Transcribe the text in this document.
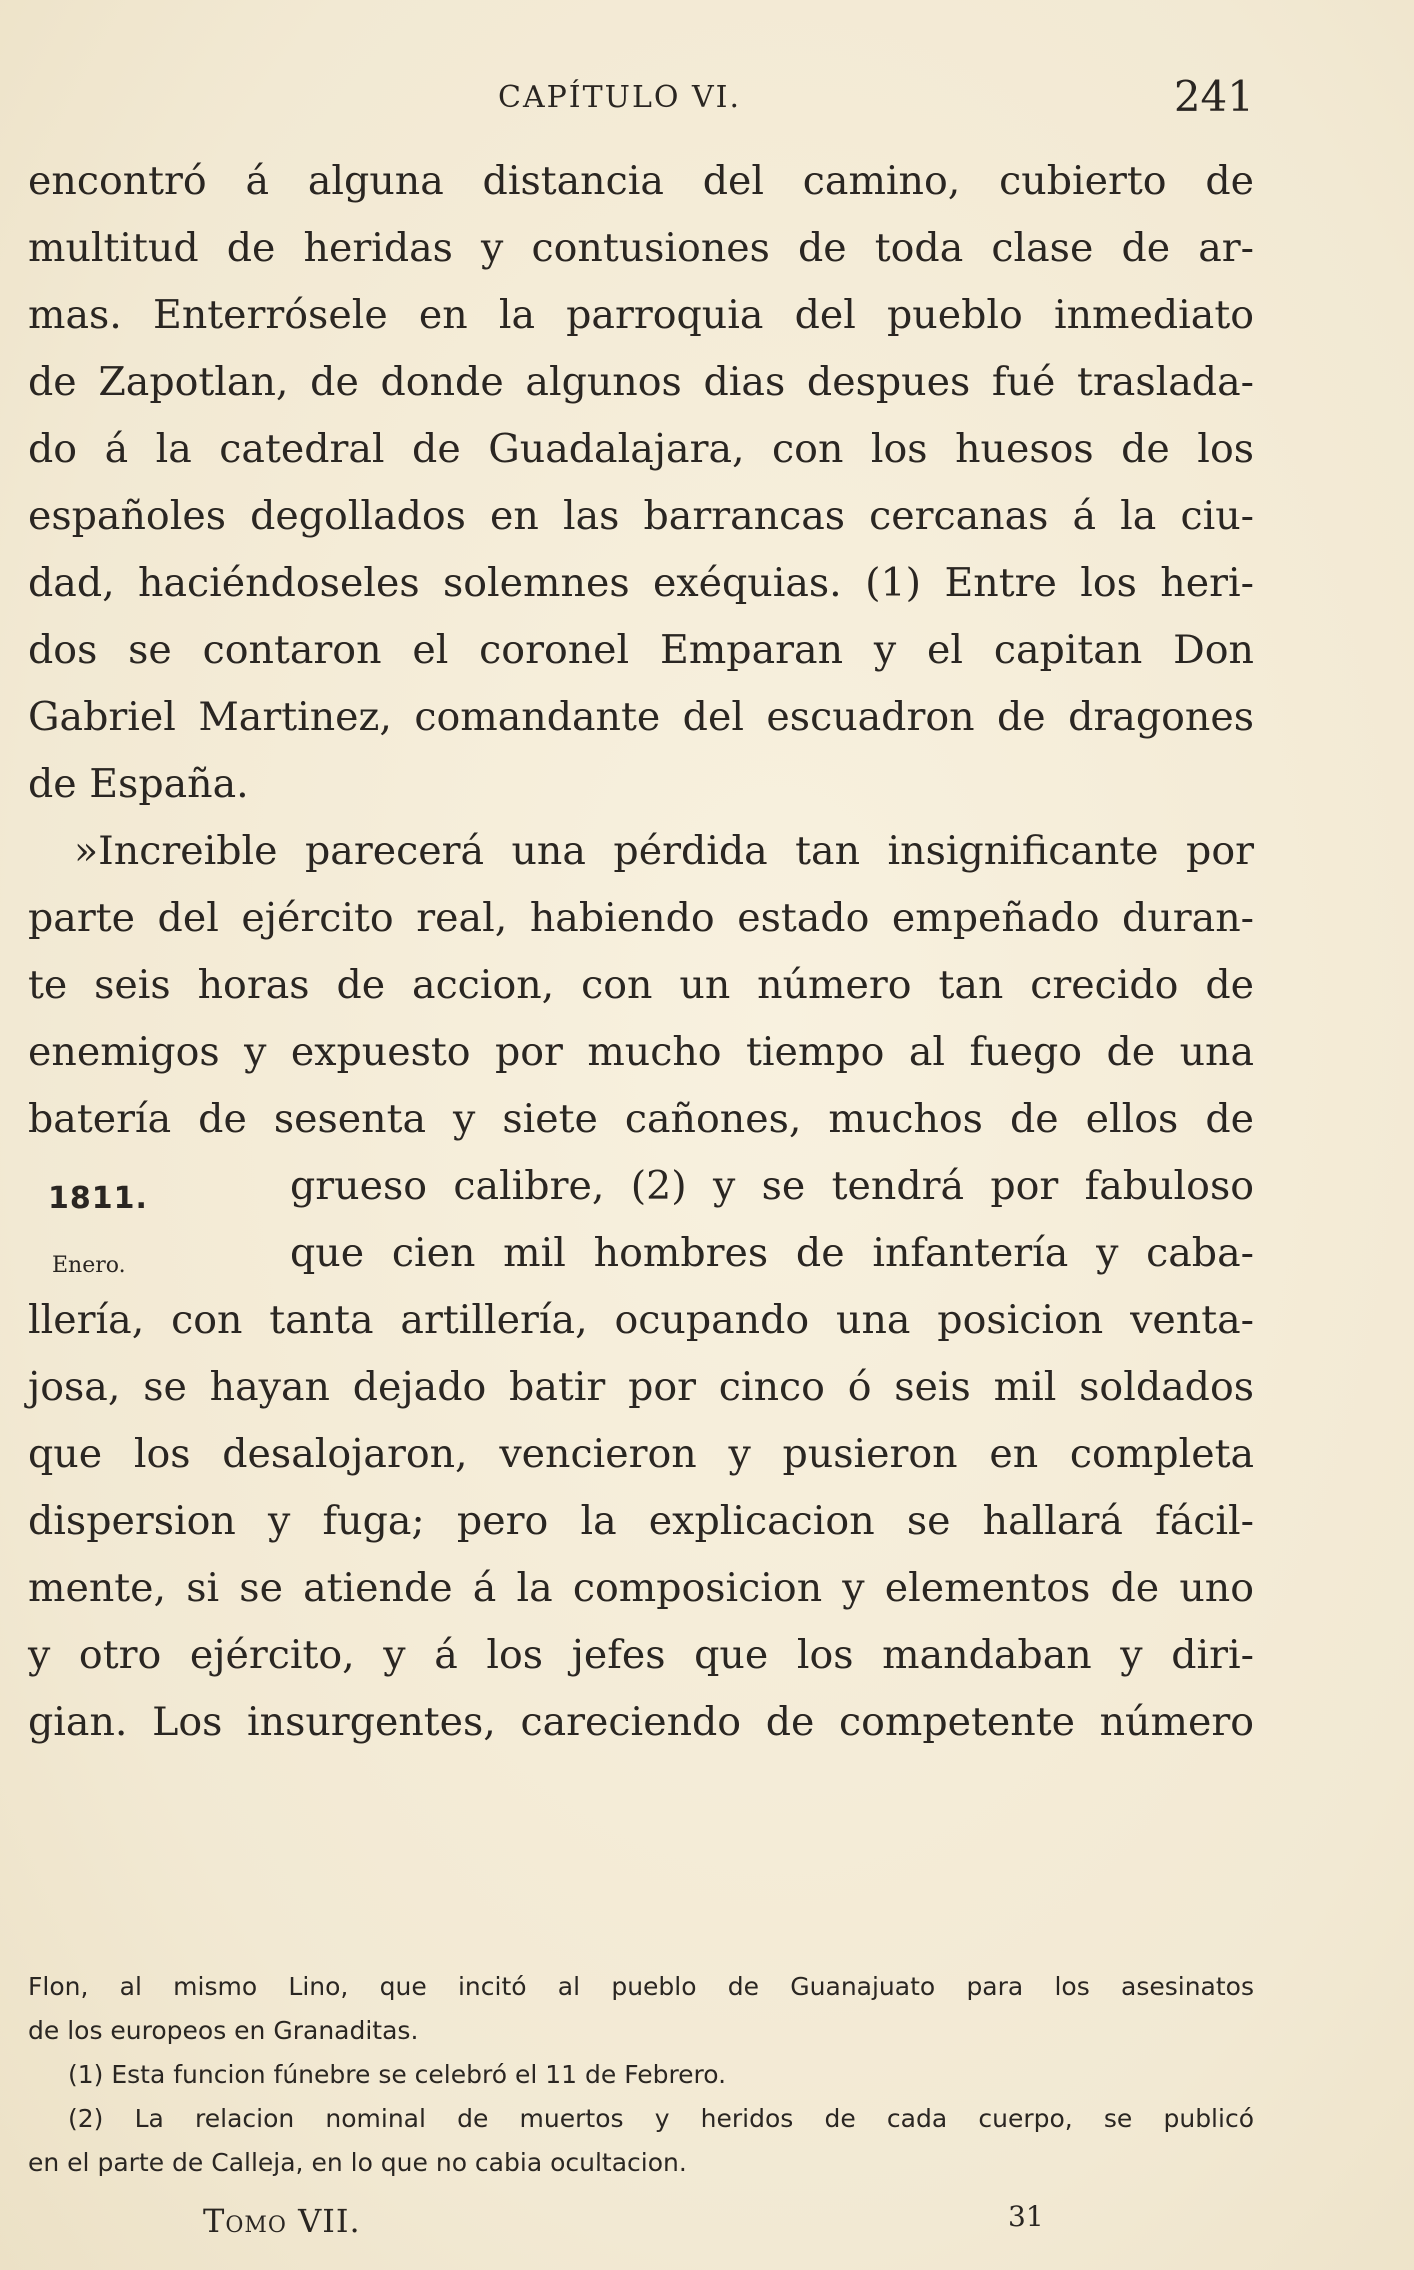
CAPÍTULO VI.	241
encontró á alguna distancia del camino, cubierto de
multitud de heridas y contusiones de toda clase de ar-
mas. Enterrósele en la parroquia del pueblo inmediato
de Zapotlan, de donde algunos dias despues fué traslada-
do á la catedral de Guadalajara, con los huesos de los
españoles degollados en las barrancas cercanas á la ciu-
dad, haciéndoseles solemnes exéquias. (1) Entre los heri-
dos se contaron el coronel Emparan y el capitan Don
Gabriel Martinez, comandante del escuadron de dragones
de España.
»Increible parecerá una pérdida tan insignificante por
parte del ejército real, habiendo estado empeñado duran-
te seis horas de accion, con un número tan crecido de
enemigos y expuesto por mucho tiempo al fuego de una
batería de sesenta y siete cañones, muchos de ellos de
grueso calibre, (2) y se tendrá por fabuloso
que cien mil hombres de infantería y caba-
llería, con tanta artillería, ocupando una posicion venta-
josa, se hayan dejado batir por cinco ó seis mil soldados
que los desalojaron, vencieron y pusieron en completa
dispersion y fuga; pero la explicacion se hallará fácil-
mente, si se atiende á la composicion y elementos de uno
y otro ejército, y á los jefes que los mandaban y diri-
gian. Los insurgentes, careciendo de competente número
1811.
Enero.
Flon, al mismo Lino, que incitó al pueblo de Guanajuato para los asesinatos
de los europeos en Granaditas.
(1) Esta funcion fúnebre se celebró el 11 de Febrero.
(2) La relacion nominal de muertos y heridos de cada cuerpo, se publicó
en el parte de Calleja, en lo que no cabia ocultacion.
Tomo VII.	31
